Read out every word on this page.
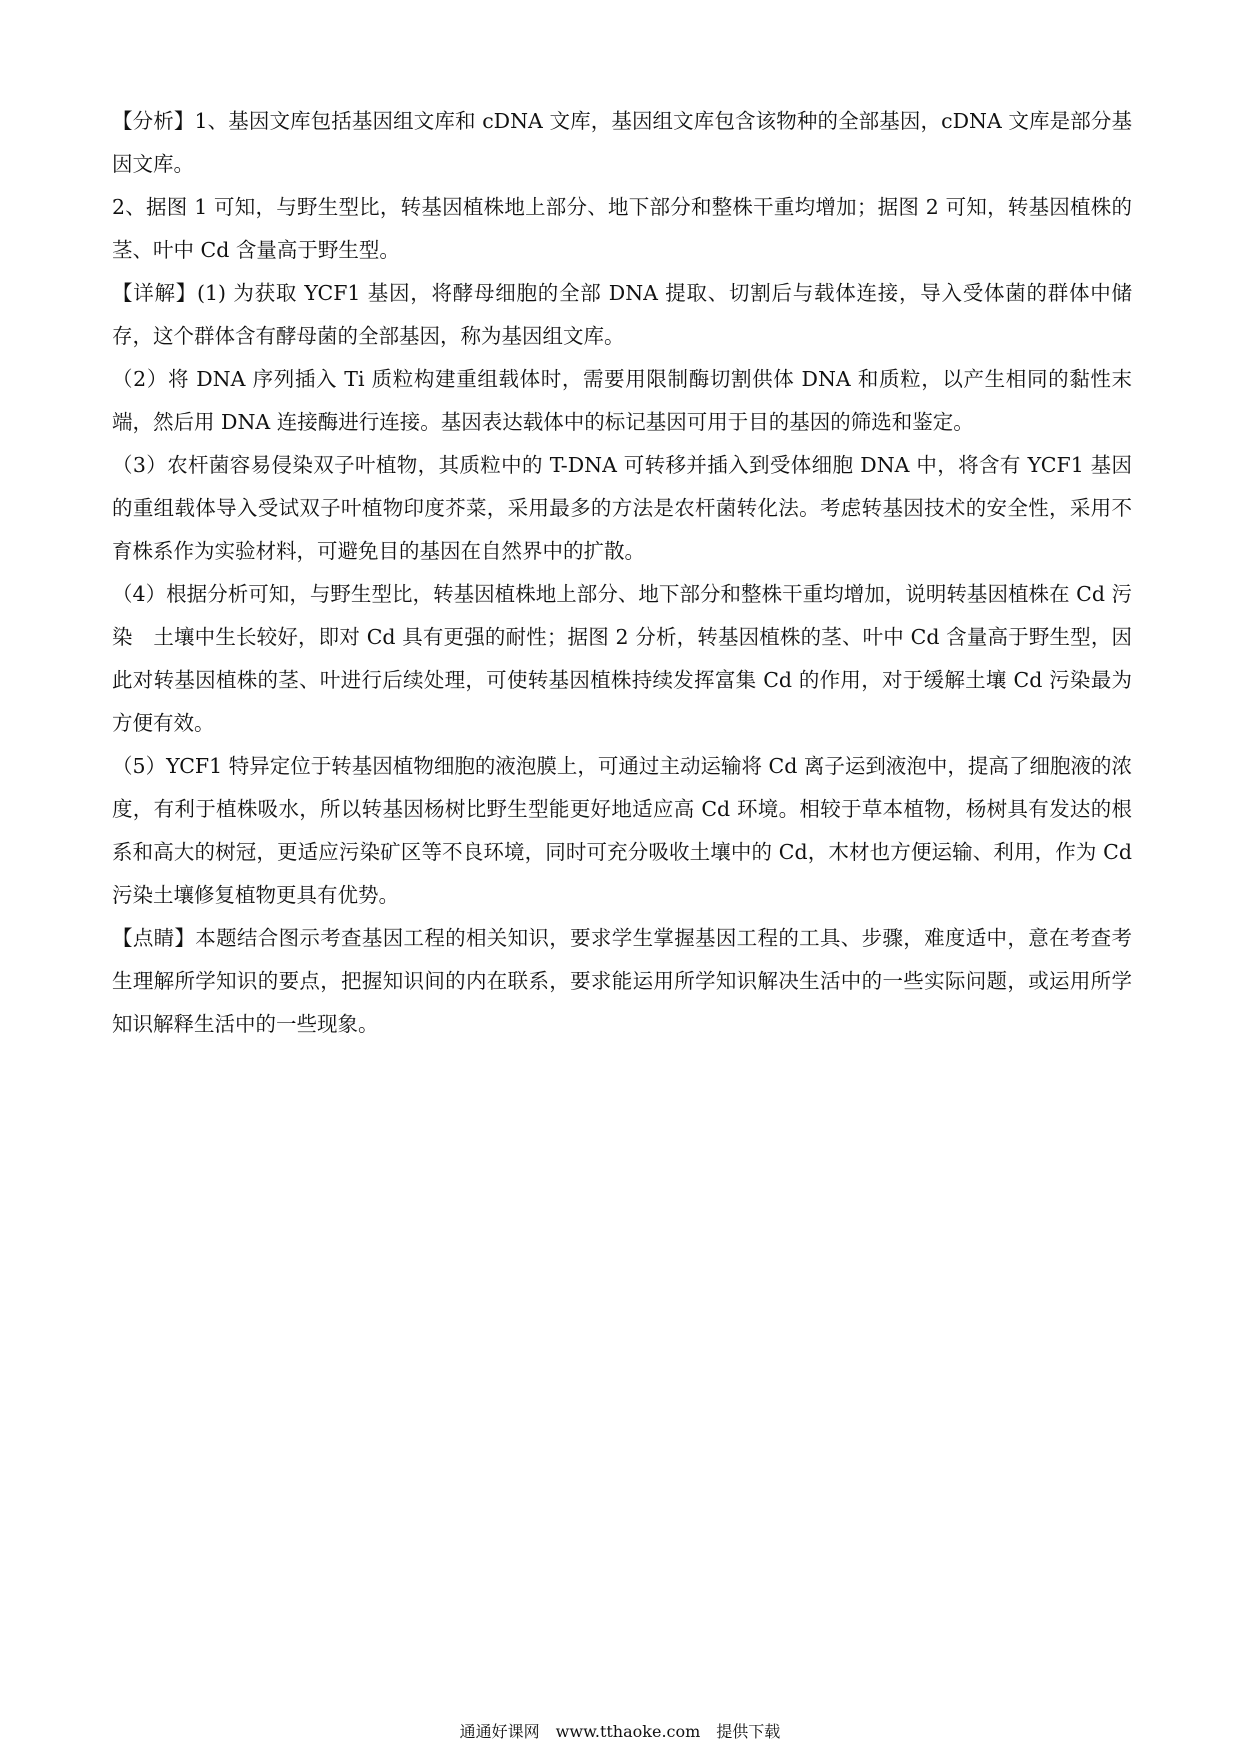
【分析】1、基因文库包括基因组文库和 cDNA 文库，基因组文库包含该物种的全部基因，cDNA 文库是部分基因文库。

2、据图 1 可知，与野生型比，转基因植株地上部分、地下部分和整株干重均增加；据图 2 可知，转基因植株的茎、叶中 Cd 含量高于野生型。

【详解】(1) 为获取 YCF1 基因，将酵母细胞的全部 DNA 提取、切割后与载体连接，导入受体菌的群体中储存，这个群体含有酵母菌的全部基因，称为基因组文库。

（2）将 DNA 序列插入 Ti 质粒构建重组载体时，需要用限制酶切割供体 DNA 和质粒，以产生相同的黏性末端，然后用 DNA 连接酶进行连接。基因表达载体中的标记基因可用于目的基因的筛选和鉴定。

（3）农杆菌容易侵染双子叶植物，其质粒中的 T-DNA 可转移并插入到受体细胞 DNA 中，将含有 YCF1 基因的重组载体导入受试双子叶植物印度芥菜，采用最多的方法是农杆菌转化法。考虑转基因技术的安全性，采用不育株系作为实验材料，可避免目的基因在自然界中的扩散。

（4）根据分析可知，与野生型比，转基因植株地上部分、地下部分和整株干重均增加，说明转基因植株在 Cd 污染　土壤中生长较好，即对 Cd 具有更强的耐性；据图 2 分析，转基因植株的茎、叶中 Cd 含量高于野生型，因此对转基因植株的茎、叶进行后续处理，可使转基因植株持续发挥富集 Cd 的作用，对于缓解土壤 Cd 污染最为方便有效。

（5）YCF1 特异定位于转基因植物细胞的液泡膜上，可通过主动运输将 Cd 离子运到液泡中，提高了细胞液的浓度，有利于植株吸水，所以转基因杨树比野生型能更好地适应高 Cd 环境。相较于草本植物，杨树具有发达的根系和高大的树冠，更适应污染矿区等不良环境，同时可充分吸收土壤中的 Cd，木材也方便运输、利用，作为 Cd 污染土壤修复植物更具有优势。

【点睛】本题结合图示考查基因工程的相关知识，要求学生掌握基因工程的工具、步骤，难度适中，意在考查考生理解所学知识的要点，把握知识间的内在联系，要求能运用所学知识解决生活中的一些实际问题，或运用所学知识解释生活中的一些现象。

通通好课网　www.tthaoke.com　提供下载
